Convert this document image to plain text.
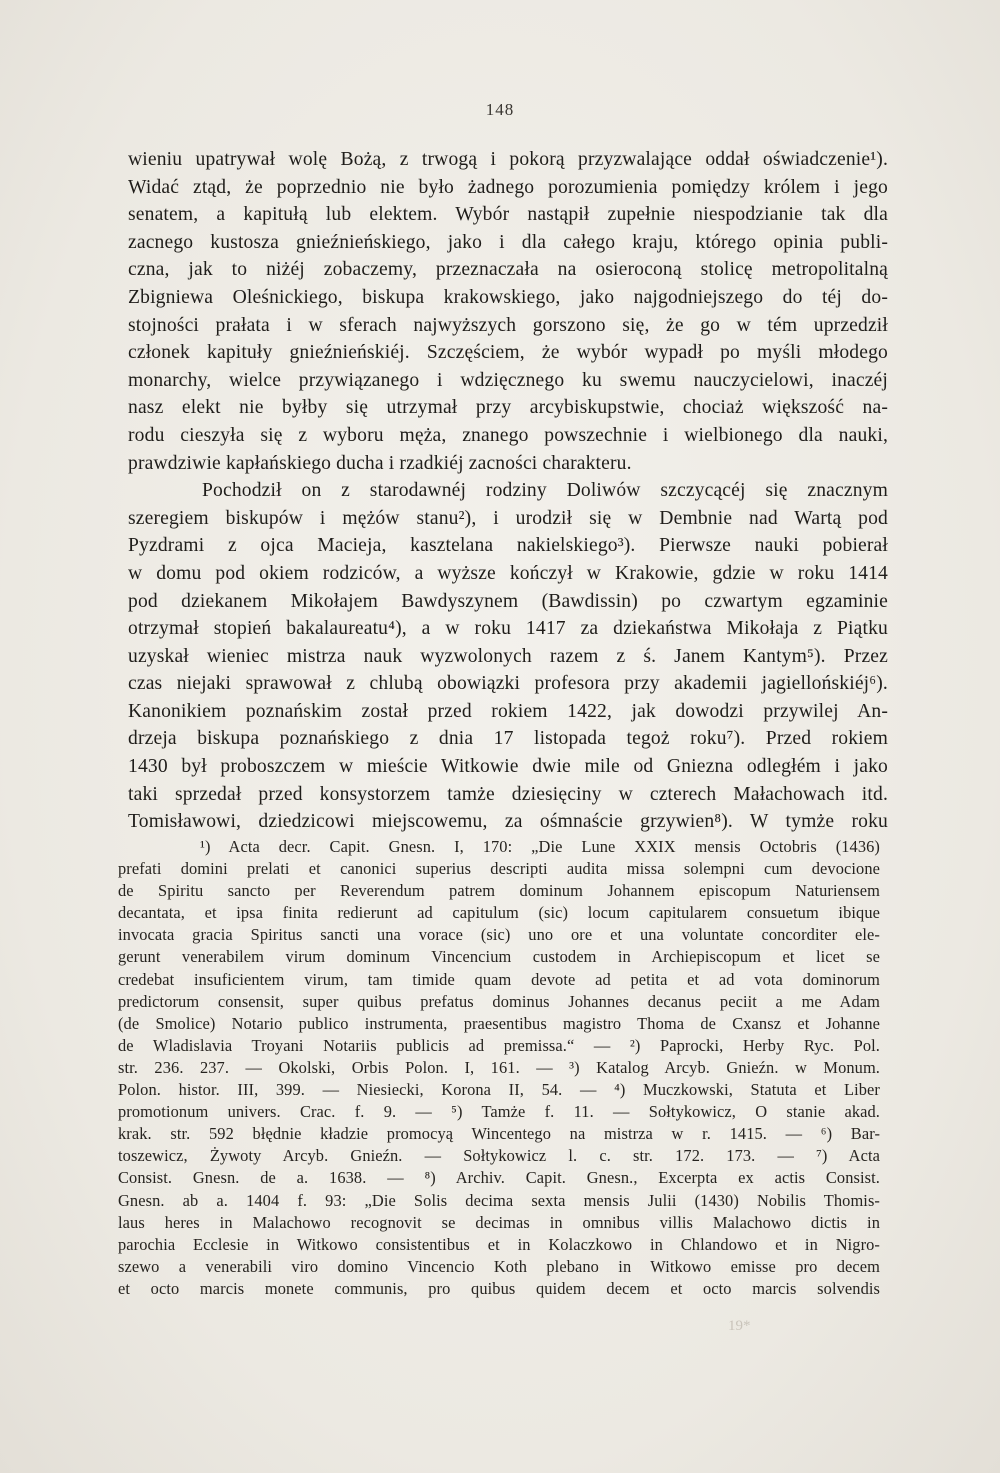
148
wieniu upatrywał wolę Bożą, z trwogą i pokorą przyzwalające oddał oświadczenie¹).
Widać ztąd, że poprzednio nie było żadnego porozumienia pomiędzy królem i jego
senatem, a kapitułą lub elektem. Wybór nastąpił zupełnie niespodzianie tak dla
zacnego kustosza gnieźnieńskiego, jako i dla całego kraju, którego opinia publi-
czna, jak to niżéj zobaczemy, przeznaczała na osieroconą stolicę metropolitalną
Zbigniewa Oleśnickiego, biskupa krakowskiego, jako najgodniejszego do téj do-
stojności prałata i w sferach najwyższych gorszono się, że go w tém uprzedził
członek kapituły gnieźnieńskiéj. Szczęściem, że wybór wypadł po myśli młodego
monarchy, wielce przywiązanego i wdzięcznego ku swemu nauczycielowi, inaczéj
nasz elekt nie byłby się utrzymał przy arcybiskupstwie, chociaż większość na-
rodu cieszyła się z wyboru męża, znanego powszechnie i wielbionego dla nauki,
prawdziwie kapłańskiego ducha i rzadkiéj zacności charakteru.
Pochodził on z starodawnéj rodziny Doliwów szczycącéj się znacznym
szeregiem biskupów i mężów stanu²), i urodził się w Dembnie nad Wartą pod
Pyzdrami z ojca Macieja, kasztelana nakielskiego³). Pierwsze nauki pobierał
w domu pod okiem rodziców, a wyższe kończył w Krakowie, gdzie w roku 1414
pod dziekanem Mikołajem Bawdyszynem (Bawdissin) po czwartym egzaminie
otrzymał stopień bakalaureatu⁴), a w roku 1417 za dziekaństwa Mikołaja z Piątku
uzyskał wieniec mistrza nauk wyzwolonych razem z ś. Janem Kantym⁵). Przez
czas niejaki sprawował z chlubą obowiązki profesora przy akademii jagiellońskiéj⁶).
Kanonikiem poznańskim został przed rokiem 1422, jak dowodzi przywilej An-
drzeja biskupa poznańskiego z dnia 17 listopada tegoż roku⁷). Przed rokiem
1430 był proboszczem w mieście Witkowie dwie mile od Gniezna odległém i jako
taki sprzedał przed konsystorzem tamże dziesięciny w czterech Małachowach itd.
Tomisławowi, dziedzicowi miejscowemu, za ośmnaście grzywien⁸). W tymże roku
¹) Acta decr. Capit. Gnesn. I, 170: „Die Lune XXIX mensis Octobris (1436)
prefati domini prelati et canonici superius descripti audita missa solempni cum devocione
de Spiritu sancto per Reverendum patrem dominum Johannem episcopum Naturiensem
decantata, et ipsa finita redierunt ad capitulum (sic) locum capitularem consuetum ibique
invocata gracia Spiritus sancti una vorace (sic) uno ore et una voluntate concorditer ele-
gerunt venerabilem virum dominum Vincencium custodem in Archiepiscopum et licet se
credebat insuficientem virum, tam timide quam devote ad petita et ad vota dominorum
predictorum consensit, super quibus prefatus dominus Johannes decanus peciit a me Adam
(de Smolice) Notario publico instrumenta, praesentibus magistro Thoma de Cxansz et Johanne
de Wladislavia Troyani Notariis publicis ad premissa.“ — ²) Paprocki, Herby Ryc. Pol.
str. 236. 237. — Okolski, Orbis Polon. I, 161. — ³) Katalog Arcyb. Gnieźn. w Monum.
Polon. histor. III, 399. — Niesiecki, Korona II, 54. — ⁴) Muczkowski, Statuta et Liber
promotionum univers. Crac. f. 9. — ⁵) Tamże f. 11. — Sołtykowicz, O stanie akad.
krak. str. 592 błędnie kładzie promocyą Wincentego na mistrza w r. 1415. — ⁶) Bar-
toszewicz, Żywoty Arcyb. Gnieźn. — Sołtykowicz l. c. str. 172. 173. — ⁷) Acta
Consist. Gnesn. de a. 1638. — ⁸) Archiv. Capit. Gnesn., Excerpta ex actis Consist.
Gnesn. ab a. 1404 f. 93: „Die Solis decima sexta mensis Julii (1430) Nobilis Thomis-
laus heres in Malachowo recognovit se decimas in omnibus villis Malachowo dictis in
parochia Ecclesie in Witkowo consistentibus et in Kolaczkowo in Chlandowo et in Nigro-
szewo a venerabili viro domino Vincencio Koth plebano in Witkowo emisse pro decem
et octo marcis monete communis, pro quibus quidem decem et octo marcis solvendis
19*
